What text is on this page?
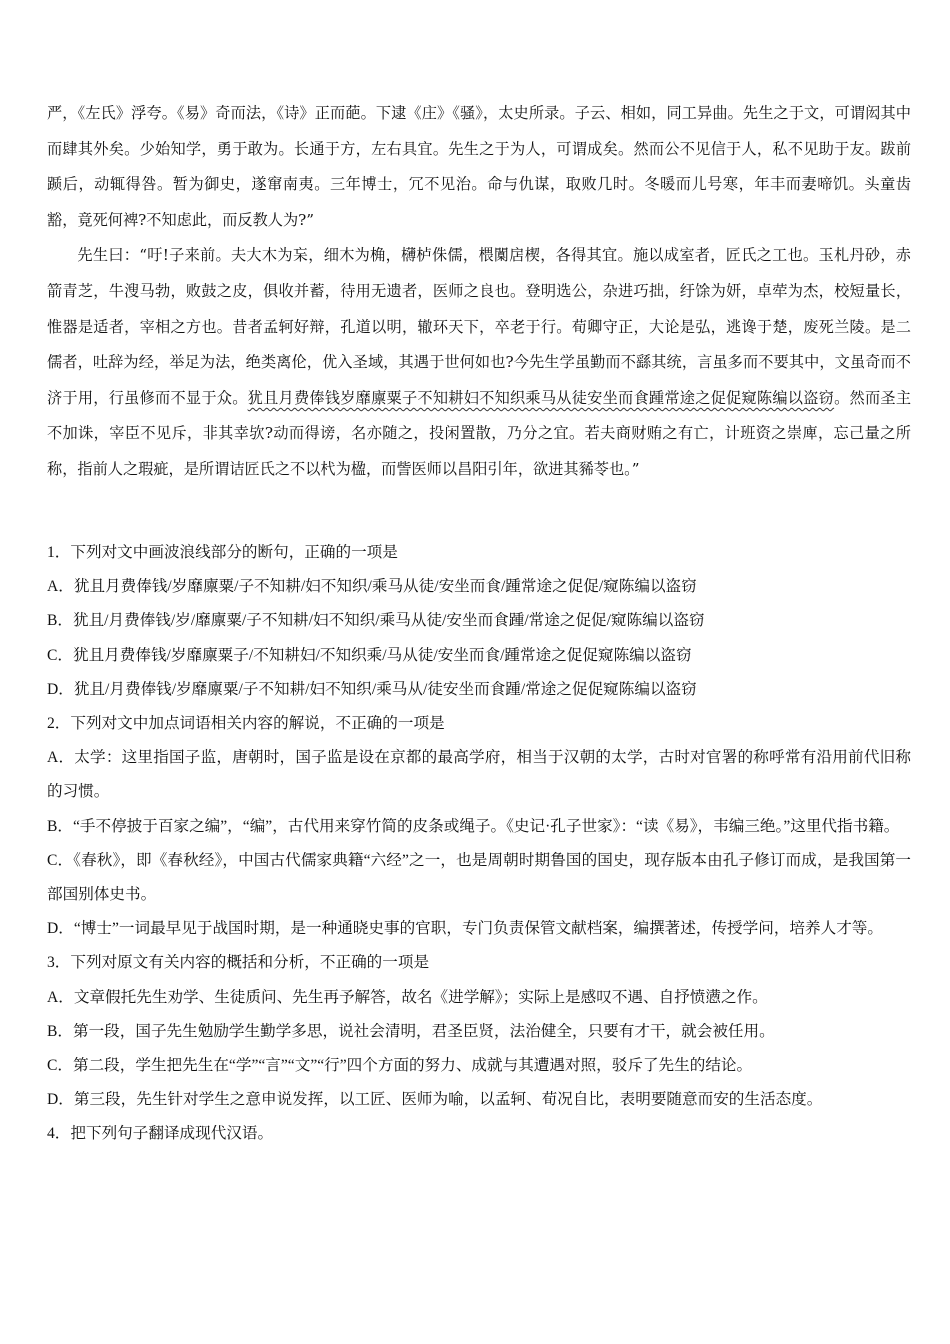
严，《左氏》浮夸。《易》奇而法，《诗》正而葩。下逮《庄》《骚》，太史所录。子云、相如，同工异曲。先生之于文，可谓闳其中而肆其外矣。少始知学，勇于敢为。长通于方，左右具宜。先生之于为人，可谓成矣。然而公不见信于人，私不见助于友。跋前踬后，动辄得咎。暂为御史，遂窜南夷。三年博士，冗不见治。命与仇谋，取败几时。冬暖而儿号寒，年丰而妻啼饥。头童齿豁，竟死何裨?不知虑此，而反教人为?”

先生曰：“吁!子来前。夫大木为杗，细木为桷，欂栌侏儒，椳闑扂楔，各得其宜。施以成室者，匠氏之工也。玉札丹砂，赤箭青芝，牛溲马勃，败鼓之皮，俱收并蓄，待用无遗者，医师之良也。登明选公，杂进巧拙，纡馀为妍，卓荦为杰，校短量长，惟器是适者，宰相之方也。昔者孟轲好辩，孔道以明，辙环天下，卒老于行。荀卿守正，大论是弘，逃谗于楚，废死兰陵。是二儒者，吐辞为经，举足为法，绝类离伦，优入圣域，其遇于世何如也?今先生学虽勤而不繇其统，言虽多而不要其中，文虽奇而不济于用，行虽修而不显于众。犹且月费俸钱岁靡廪粟子不知耕妇不知织乘马从徒安坐而食踵常途之促促窥陈编以盗窃。然而圣主不加诛，宰臣不见斥，非其幸欤?动而得谤，名亦随之，投闲置散，乃分之宜。若夫商财贿之有亡，计班资之崇庳，忘己量之所称，指前人之瑕疵，是所谓诘匠氏之不以杙为楹，而訾医师以昌阳引年，欲进其豨苓也。”

1．下列对文中画波浪线部分的断句，正确的一项是

A．犹且月费俸钱/岁靡廪粟/子不知耕/妇不知织/乘马从徒/安坐而食/踵常途之促促/窥陈编以盗窃

B．犹且/月费俸钱/岁/靡廪粟/子不知耕/妇不知织/乘马从徒/安坐而食踵/常途之促促/窥陈编以盗窃

C．犹且月费俸钱/岁靡廪粟子/不知耕妇/不知织乘/马从徒/安坐而食/踵常途之促促窥陈编以盗窃

D．犹且/月费俸钱/岁靡廪粟/子不知耕/妇不知织/乘马从/徒安坐而食踵/常途之促促窥陈编以盗窃

2．下列对文中加点词语相关内容的解说，不正确的一项是

A．太学：这里指国子监，唐朝时，国子监是设在京都的最高学府，相当于汉朝的太学，古时对官署的称呼常有沿用前代旧称的习惯。

B．“手不停披于百家之编”，“编”，古代用来穿竹简的皮条或绳子。《史记·孔子世家》：“读《易》，韦编三绝。”这里代指书籍。

C．《春秋》，即《春秋经》，中国古代儒家典籍“六经”之一，也是周朝时期鲁国的国史，现存版本由孔子修订而成，是我国第一部国别体史书。

D．“博士”一词最早见于战国时期，是一种通晓史事的官职，专门负责保管文献档案，编撰著述，传授学问，培养人才等。

3．下列对原文有关内容的概括和分析，不正确的一项是

A．文章假托先生劝学、生徒质问、先生再予解答，故名《进学解》；实际上是感叹不遇、自抒愤懑之作。

B．第一段，国子先生勉励学生勤学多思，说社会清明，君圣臣贤，法治健全，只要有才干，就会被任用。

C．第二段，学生把先生在“学”“言”“文”“行”四个方面的努力、成就与其遭遇对照，驳斥了先生的结论。

D．第三段，先生针对学生之意申说发挥，以工匠、医师为喻，以孟轲、荀况自比，表明要随意而安的生活态度。

4．把下列句子翻译成现代汉语。
